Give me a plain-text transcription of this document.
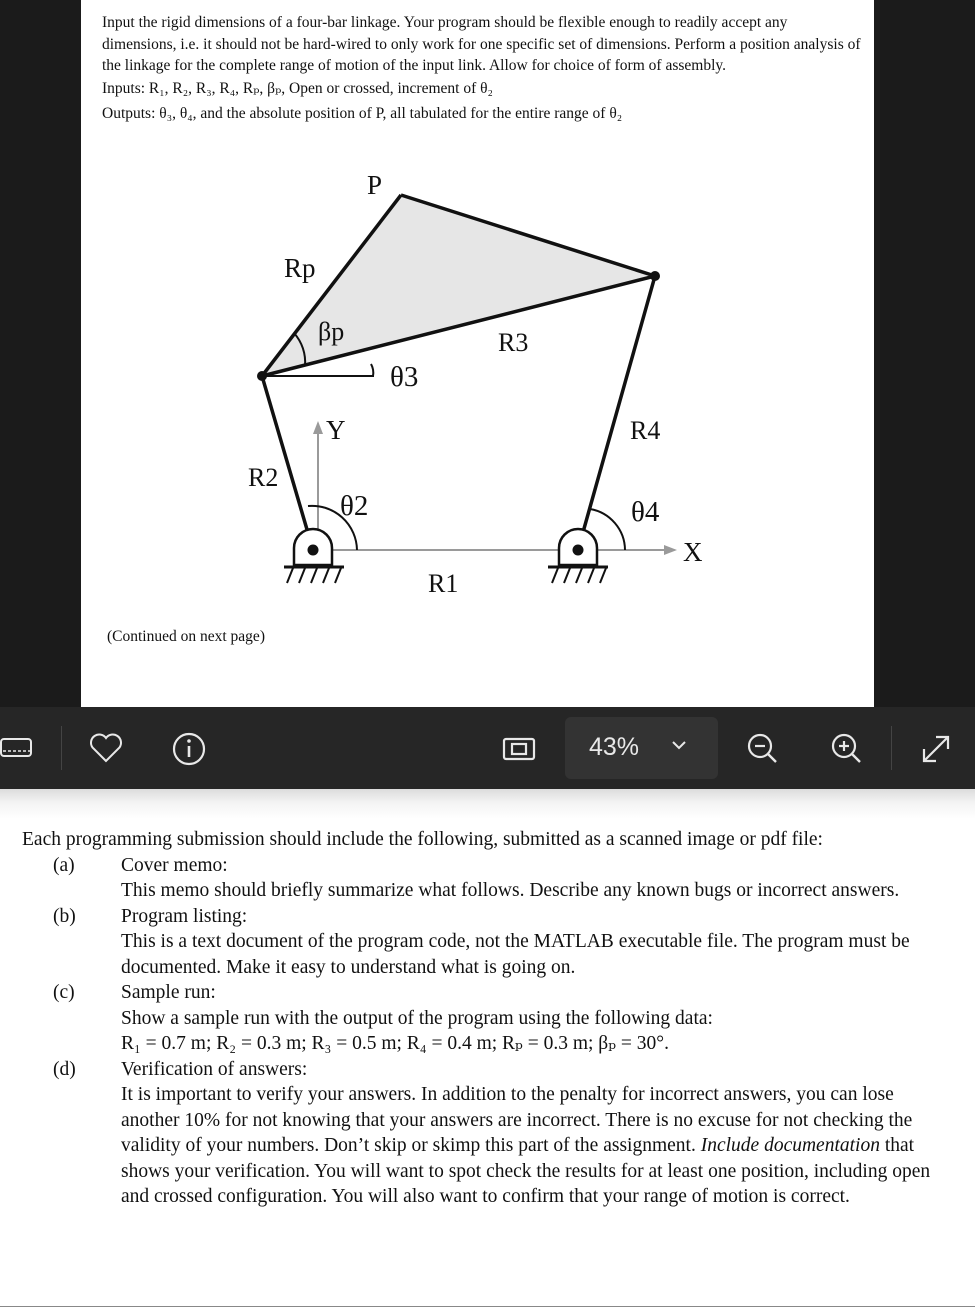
Input the rigid dimensions of a four-bar linkage. Your program should be flexible enough to readily accept any dimensions, i.e. it should not be hard-wired to only work for one specific set of dimensions. Perform a position analysis of the linkage for the complete range of motion of the input link. Allow for choice of form of assembly.

Inputs: R₁, R₂, R₃, R₄, Rₚ, βₚ, Open or crossed, increment of θ₂

Outputs: θ₃, θ₄, and the absolute position of P, all tabulated for the entire range of θ₂

P
Rp
βp	R3
θ3
R4
Y
R2
θ2	θ4
X
R1
(Continued on next page)
43%

Each programming submission should include the following, submitted as a scanned image or pdf file:

(a) Cover memo:

This memo should briefly summarize what follows. Describe any known bugs or incorrect answers.

(b) Program listing:

This is a text document of the program code, not the MATLAB executable file. The program must be documented. Make it easy to understand what is going on.

(c) Sample run:

Show a sample run with the output of the program using the following data:

R₁ = 0.7 m; R₂ = 0.3 m; R₃ = 0.5 m; R₄ = 0.4 m; Rₚ = 0.3 m; βₚ = 30°.

(d) Verification of answers:

It is important to verify your answers. In addition to the penalty for incorrect answers, you can lose another 10% for not knowing that your answers are incorrect. There is no excuse for not checking the validity of your numbers. Don’t skip or skimp this part of the assignment. Include documentation that shows your verification. You will want to spot check the results for at least one position, including open and crossed configuration. You will also want to confirm that your range of motion is correct.
